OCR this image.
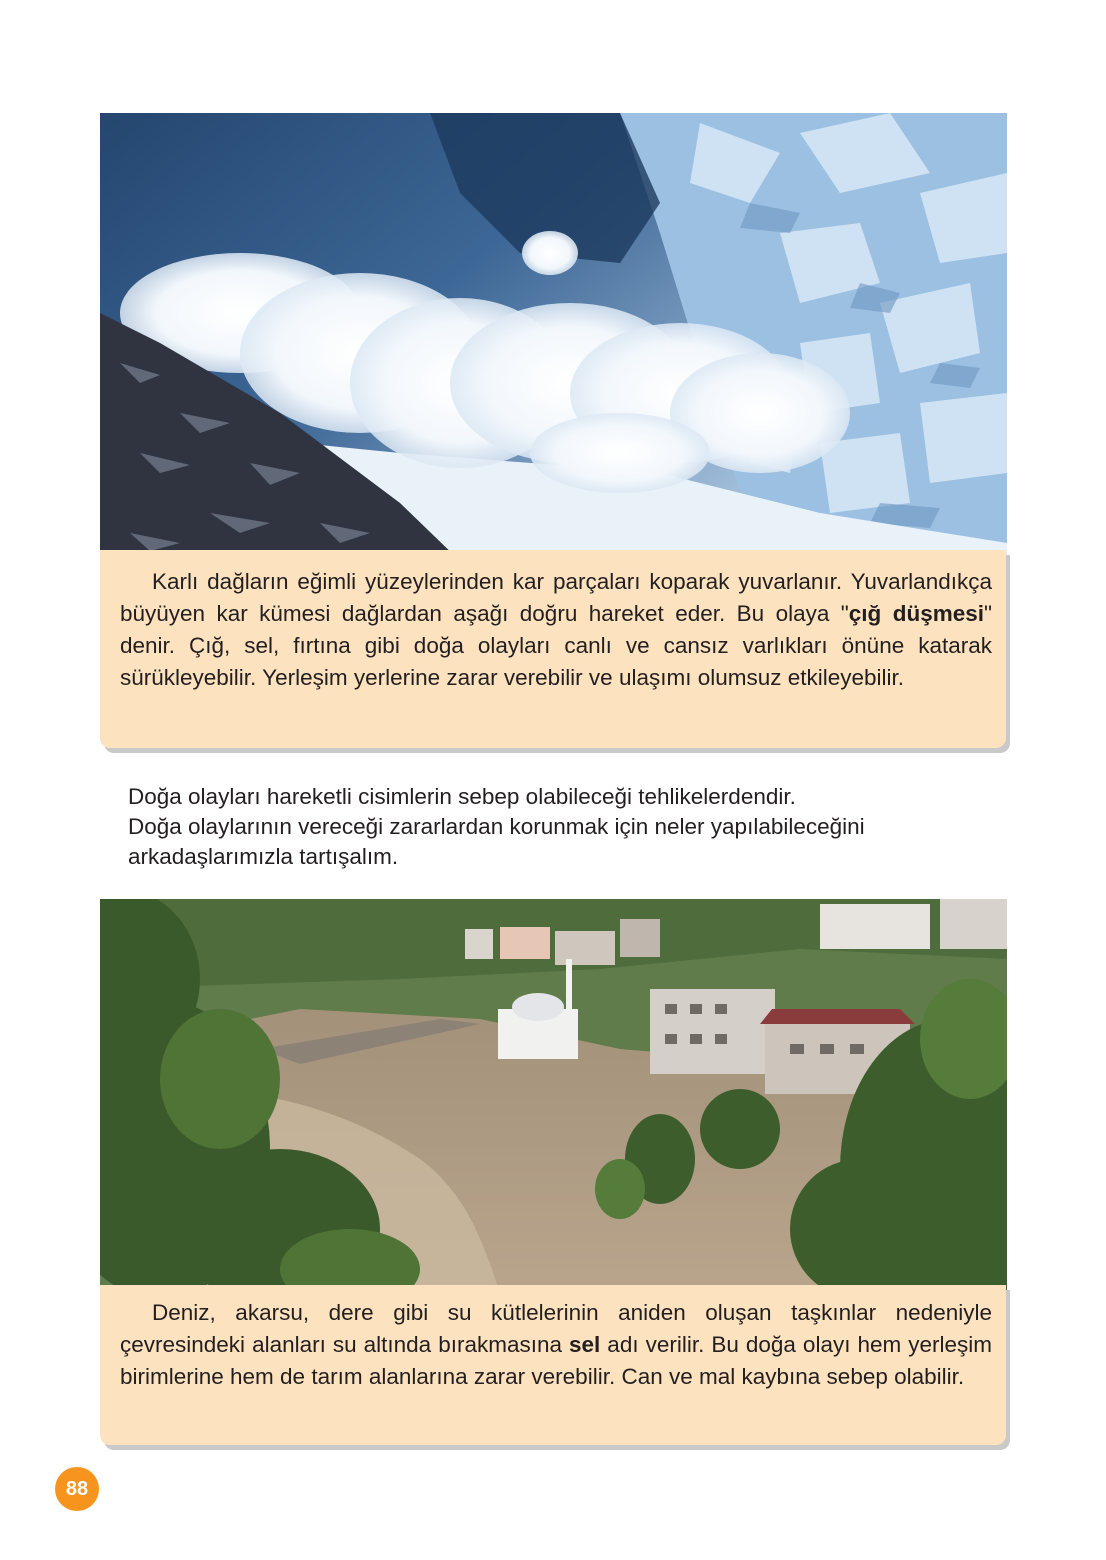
Karlı dağların eğimli yüzeylerinden kar parçaları koparak yuvarlanır. Yuvarlandıkça büyüyen kar kümesi dağlardan aşağı doğru hareket eder. Bu olaya "çığ düşmesi" denir. Çığ, sel, fırtına gibi doğa olayları canlı ve cansız varlıkları önüne katarak sürükleyebilir. Yerleşim yerlerine zarar verebilir ve ulaşımı olumsuz etkileyebilir.

Doğa olayları hareketli cisimlerin sebep olabileceği tehlikelerdendir.
Doğa olaylarının vereceği zararlardan korunmak için neler yapılabileceğini arkadaşlarımızla tartışalım.

Deniz, akarsu, dere gibi su kütlelerinin aniden oluşan taşkınlar nedeniyle çevresindeki alanları su altında bırakmasına sel adı verilir. Bu doğa olayı hem yerleşim birimlerine hem de tarım alanlarına zarar verebilir. Can ve mal kaybına sebep olabilir.

88
